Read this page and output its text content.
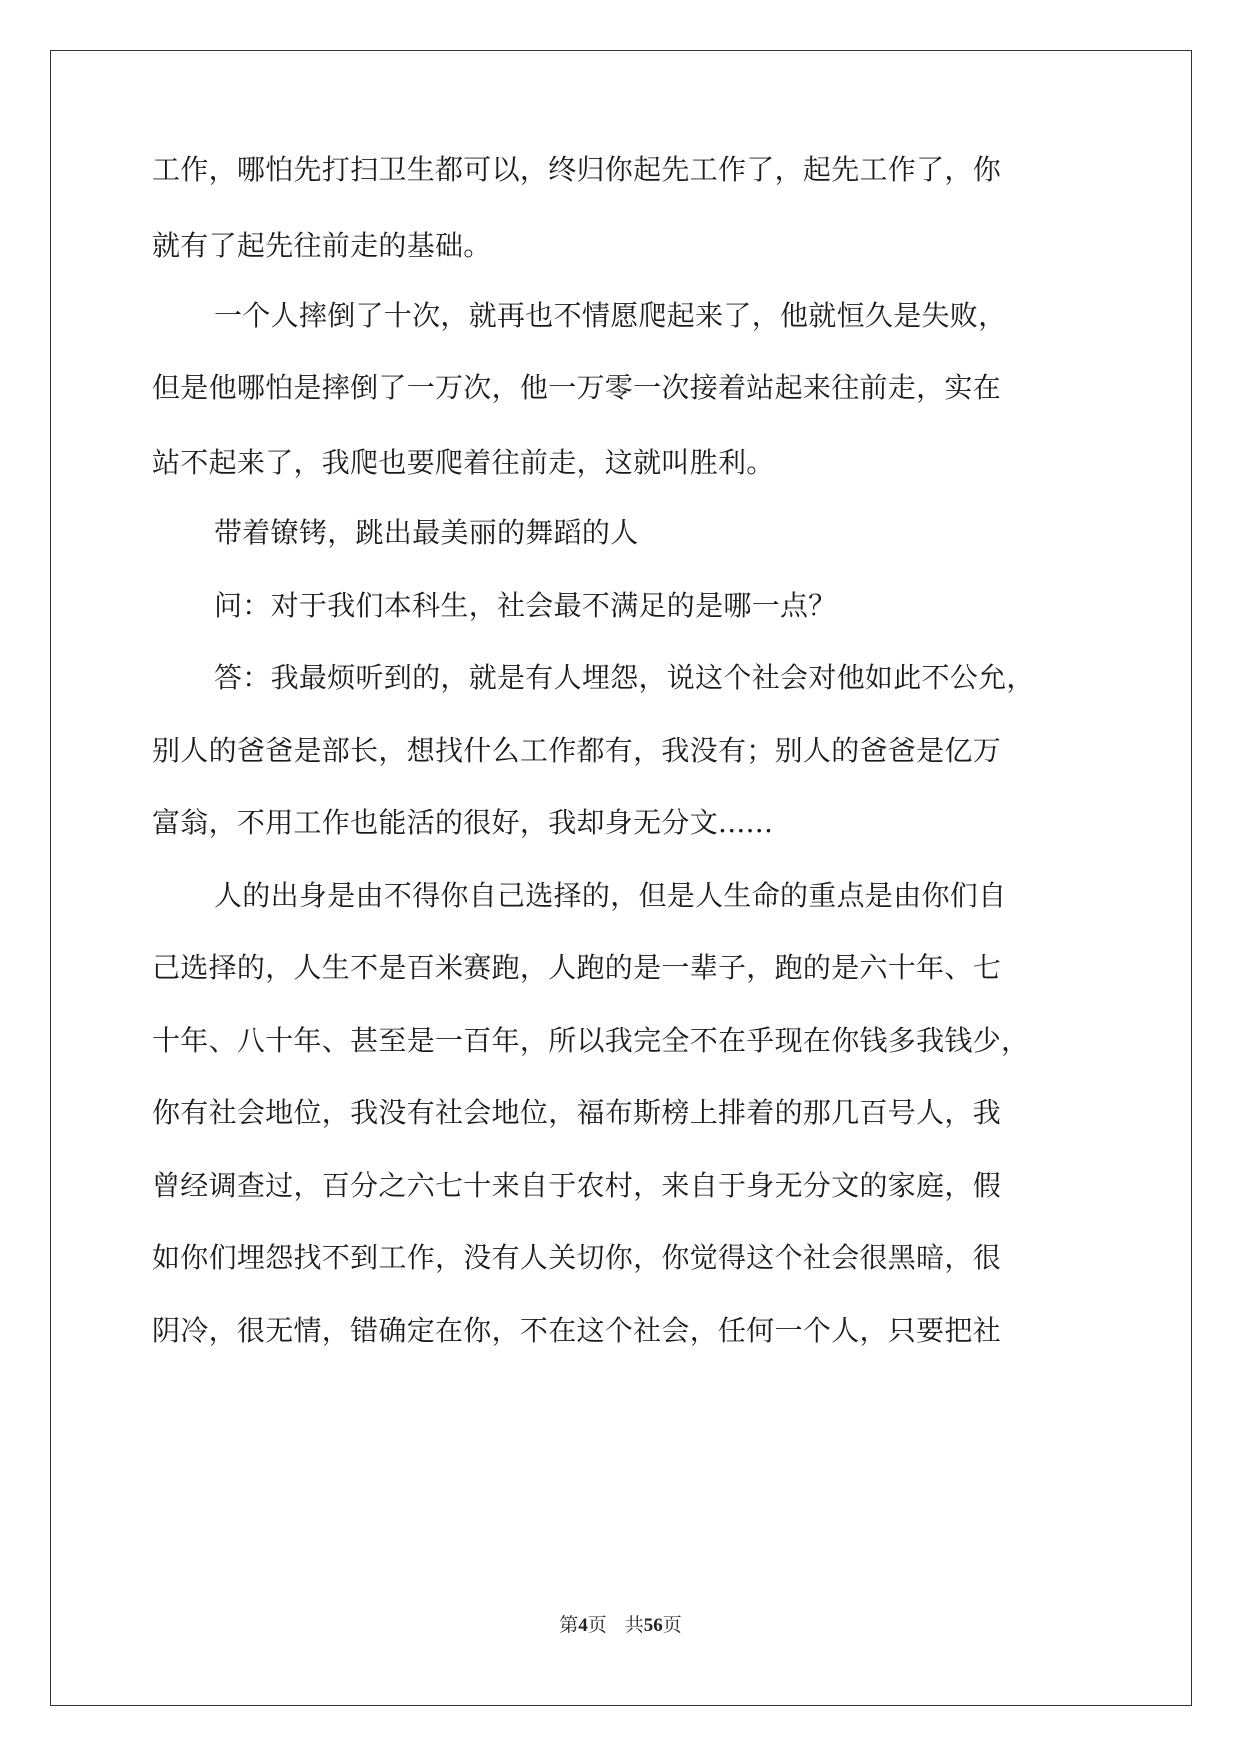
工作，哪怕先打扫卫生都可以，终归你起先工作了，起先工作了，你
就有了起先往前走的基础。
一个人摔倒了十次，就再也不情愿爬起来了，他就恒久是失败，
但是他哪怕是摔倒了一万次，他一万零一次接着站起来往前走，实在
站不起来了，我爬也要爬着往前走，这就叫胜利。
带着镣铐，跳出最美丽的舞蹈的人
问：对于我们本科生，社会最不满足的是哪一点？
答：我最烦听到的，就是有人埋怨，说这个社会对他如此不公允，
别人的爸爸是部长，想找什么工作都有，我没有；别人的爸爸是亿万
富翁，不用工作也能活的很好，我却身无分文......
人的出身是由不得你自己选择的，但是人生命的重点是由你们自
己选择的，人生不是百米赛跑，人跑的是一辈子，跑的是六十年、七
十年、八十年、甚至是一百年，所以我完全不在乎现在你钱多我钱少，
你有社会地位，我没有社会地位，福布斯榜上排着的那几百号人，我
曾经调查过，百分之六七十来自于农村，来自于身无分文的家庭，假
如你们埋怨找不到工作，没有人关切你，你觉得这个社会很黑暗，很
阴冷，很无情，错确定在你，不在这个社会，任何一个人，只要把社
第4页 共56页
